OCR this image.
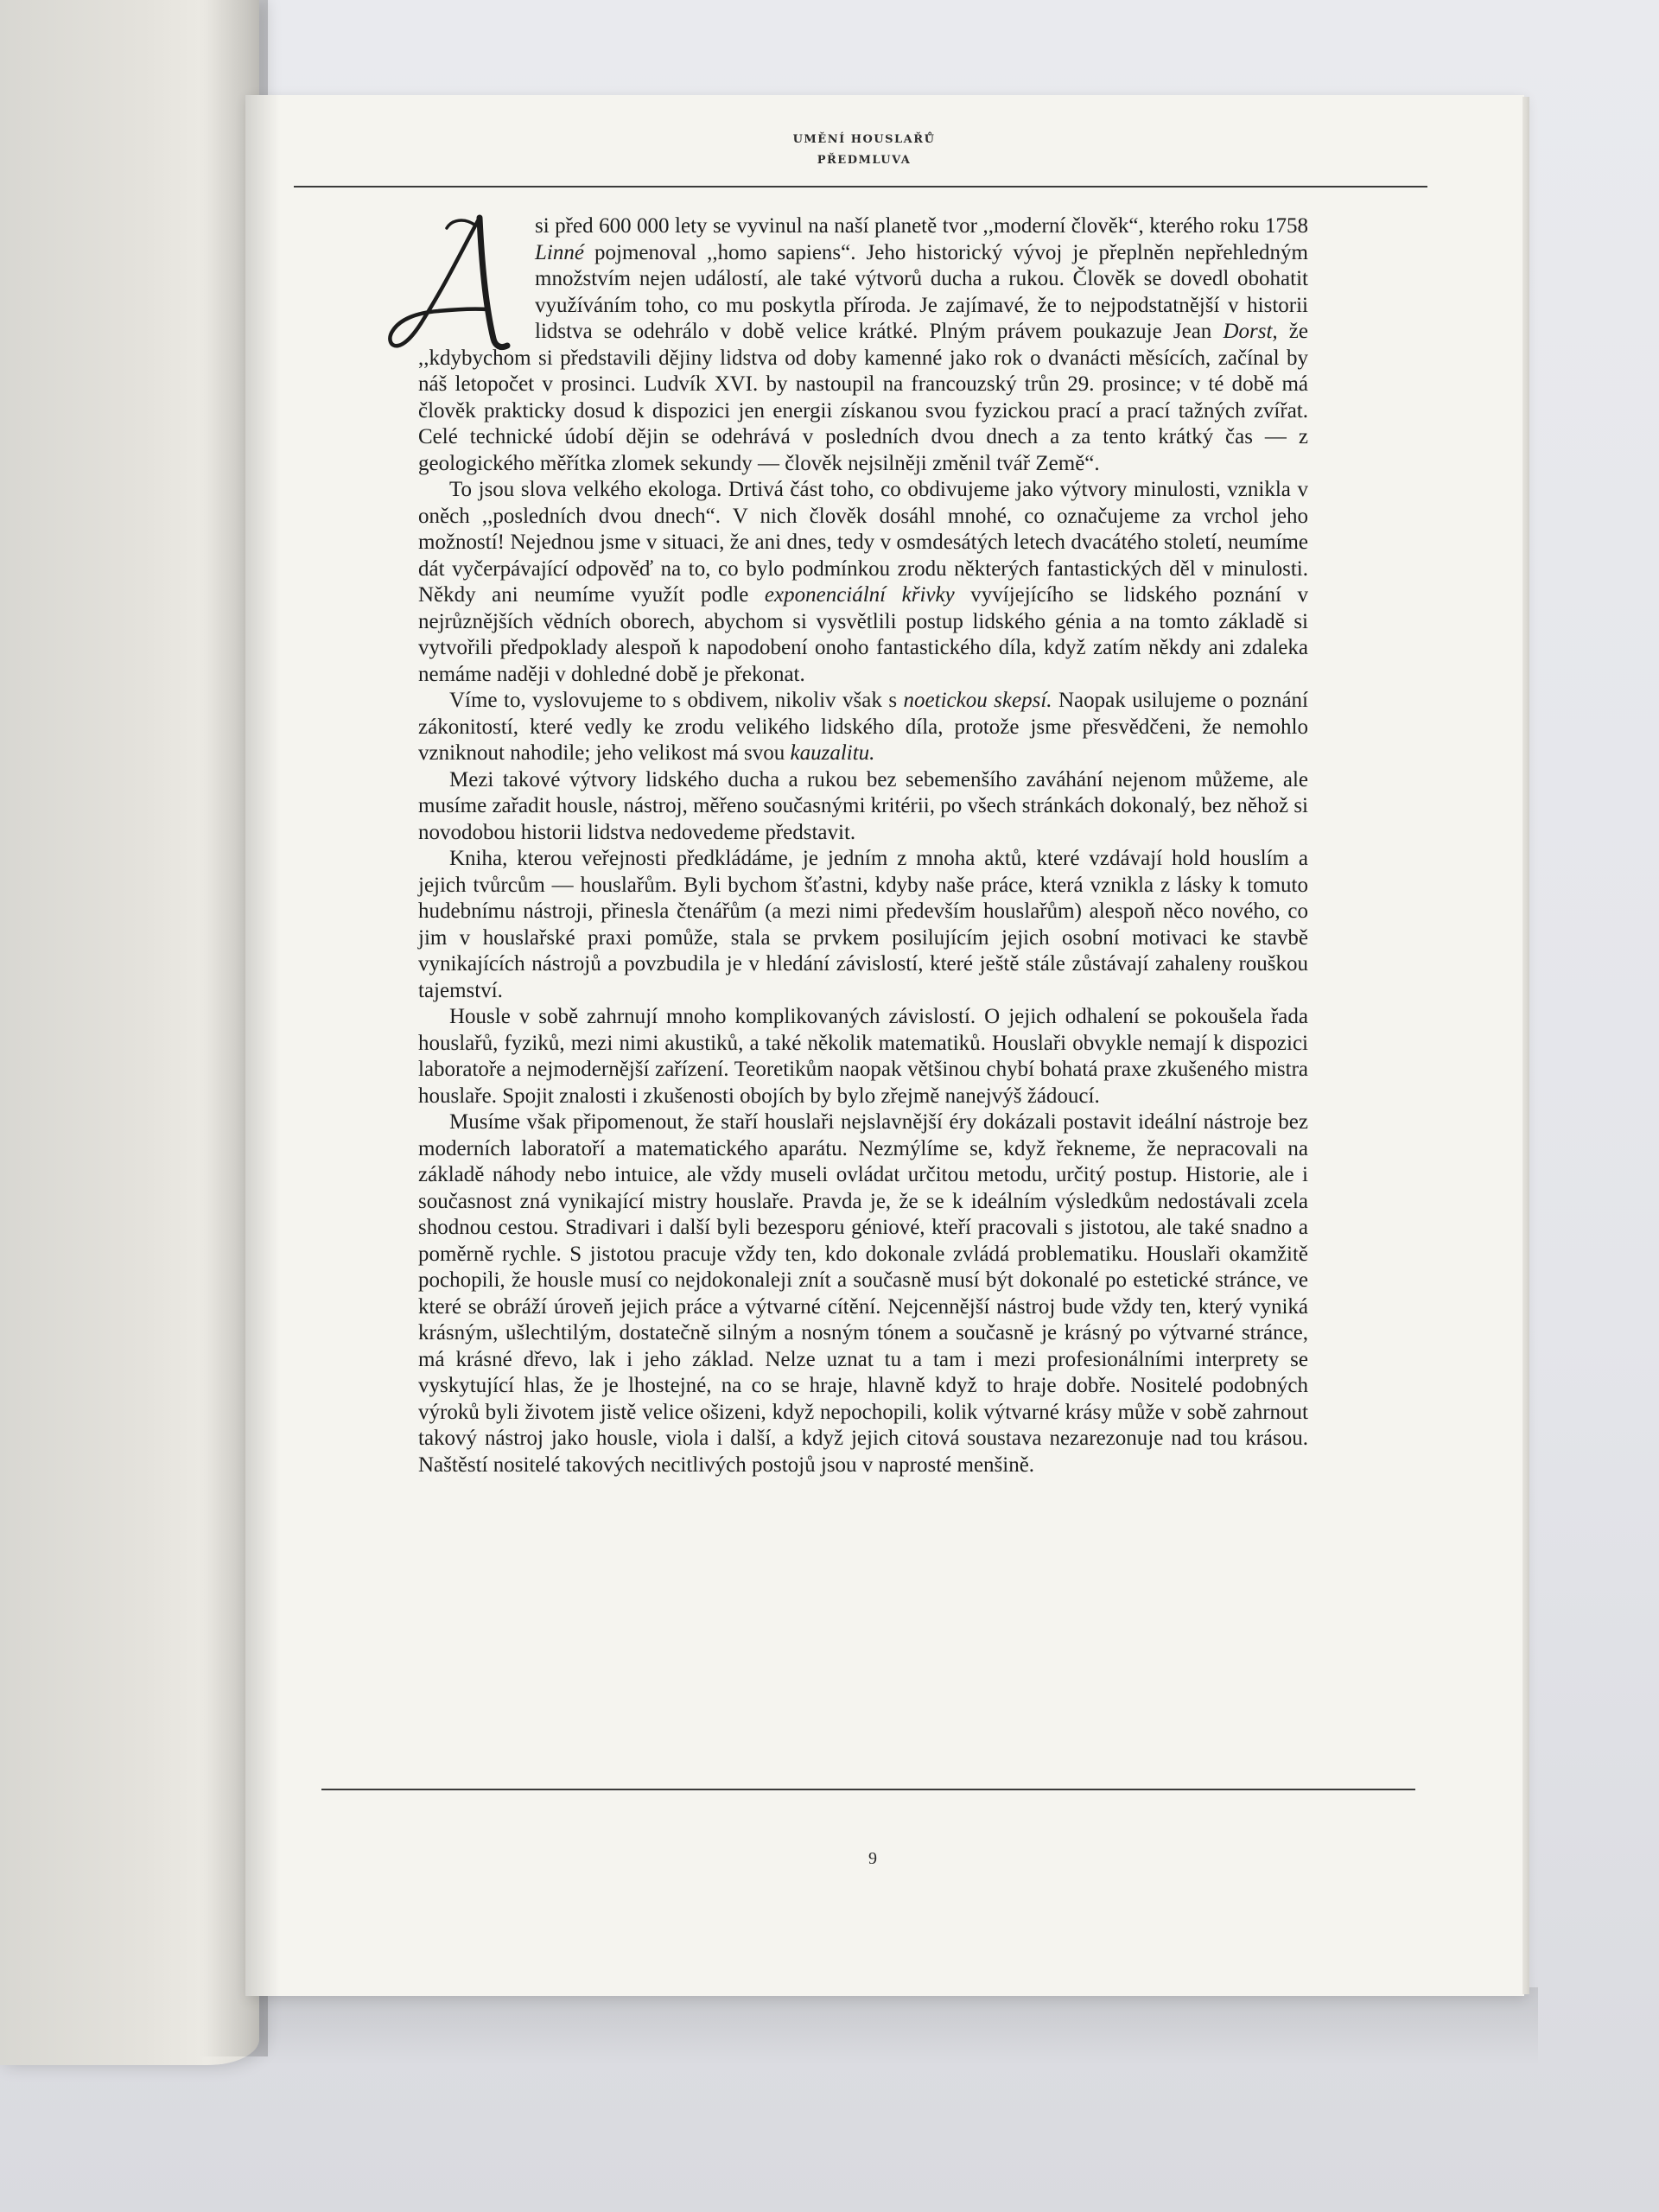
UMĚNÍ HOUSLAŘŮ
PŘEDMLUVA

si před 600 000 lety se vyvinul na naší planetě tvor ,,moderní člověk“, kterého roku 1758 Linné pojmenoval ,,homo sapiens“. Jeho historický vývoj je přeplněn nepřehledným množstvím nejen událostí, ale také výtvorů ducha a rukou. Člověk se dovedl obohatit využíváním toho, co mu poskytla příroda. Je zajímavé, že to nejpodstatnější v historii lidstva se odehrálo v době velice krátké. Plným právem poukazuje Jean Dorst, že ,,kdybychom si představili dějiny lidstva od doby kamenné jako rok o dvanácti měsících, začínal by náš letopočet v prosinci. Ludvík XVI. by nastoupil na francouzský trůn 29. prosince; v té době má člověk prakticky dosud k dispozici jen energii získanou svou fyzickou prací a prací tažných zvířat. Celé technické údobí dějin se odehrává v posledních dvou dnech a za tento krátký čas — z geologického měřítka zlomek sekundy — člověk nejsilněji změnil tvář Země“.

To jsou slova velkého ekologa. Drtivá část toho, co obdivujeme jako výtvory minulosti, vznikla v oněch ,,posledních dvou dnech“. V nich člověk dosáhl mnohé, co označujeme za vrchol jeho možností! Nejednou jsme v situaci, že ani dnes, tedy v osmdesátých letech dvacátého století, neumíme dát vyčerpávající odpověď na to, co bylo podmínkou zrodu některých fantastických děl v minulosti. Někdy ani neumíme využít podle exponenciální křivky vyvíjejícího se lidského poznání v nejrůznějších vědních oborech, abychom si vysvětlili postup lidského génia a na tomto základě si vytvořili předpoklady alespoň k napodobení onoho fantastického díla, když zatím někdy ani zdaleka nemáme naději v dohledné době je překonat.

Víme to, vyslovujeme to s obdivem, nikoliv však s noetickou skepsí. Naopak usilujeme o poznání zákonitostí, které vedly ke zrodu velikého lidského díla, protože jsme přesvědčeni, že nemohlo vzniknout nahodile; jeho velikost má svou kauzalitu.

Mezi takové výtvory lidského ducha a rukou bez sebemenšího zaváhání nejenom můžeme, ale musíme zařadit housle, nástroj, měřeno současnými kritérii, po všech stránkách dokonalý, bez něhož si novodobou historii lidstva nedovedeme představit.

Kniha, kterou veřejnosti předkládáme, je jedním z mnoha aktů, které vzdávají hold houslím a jejich tvůrcům — houslařům. Byli bychom šťastni, kdyby naše práce, která vznikla z lásky k tomuto hudebnímu nástroji, přinesla čtenářům (a mezi nimi především houslařům) alespoň něco nového, co jim v houslařské praxi pomůže, stala se prvkem posilujícím jejich osobní motivaci ke stavbě vynikajících nástrojů a povzbudila je v hledání závislostí, které ještě stále zůstávají zahaleny rouškou tajemství.

Housle v sobě zahrnují mnoho komplikovaných závislostí. O jejich odhalení se pokoušela řada houslařů, fyziků, mezi nimi akustiků, a také několik matematiků. Houslaři obvykle nemají k dispozici laboratoře a nejmodernější zařízení. Teoretikům naopak většinou chybí bohatá praxe zkušeného mistra houslaře. Spojit znalosti i zkušenosti obojích by bylo zřejmě nanejvýš žádoucí.

Musíme však připomenout, že staří houslaři nejslavnější éry dokázali postavit ideální nástroje bez moderních laboratoří a matematického aparátu. Nezmýlíme se, když řekneme, že nepracovali na základě náhody nebo intuice, ale vždy museli ovládat určitou metodu, určitý postup. Historie, ale i současnost zná vynikající mistry houslaře. Pravda je, že se k ideálním výsledkům nedostávali zcela shodnou cestou. Stradivari i další byli bezesporu géniové, kteří pracovali s jistotou, ale také snadno a poměrně rychle. S jistotou pracuje vždy ten, kdo dokonale zvládá problematiku. Houslaři okamžitě pochopili, že housle musí co nejdokonaleji znít a současně musí být dokonalé po estetické stránce, ve které se obráží úroveň jejich práce a výtvarné cítění. Nejcennější nástroj bude vždy ten, který vyniká krásným, ušlechtilým, dostatečně silným a nosným tónem a současně je krásný po výtvarné stránce, má krásné dřevo, lak i jeho základ. Nelze uznat tu a tam i mezi profesionálními interprety se vyskytující hlas, že je lhostejné, na co se hraje, hlavně když to hraje dobře. Nositelé podobných výroků byli životem jistě velice ošizeni, když nepochopili, kolik výtvarné krásy může v sobě zahrnout takový nástroj jako housle, viola i další, a když jejich citová soustava nezarezonuje nad tou krásou. Naštěstí nositelé takových necitlivých postojů jsou v naprosté menšině.

9
